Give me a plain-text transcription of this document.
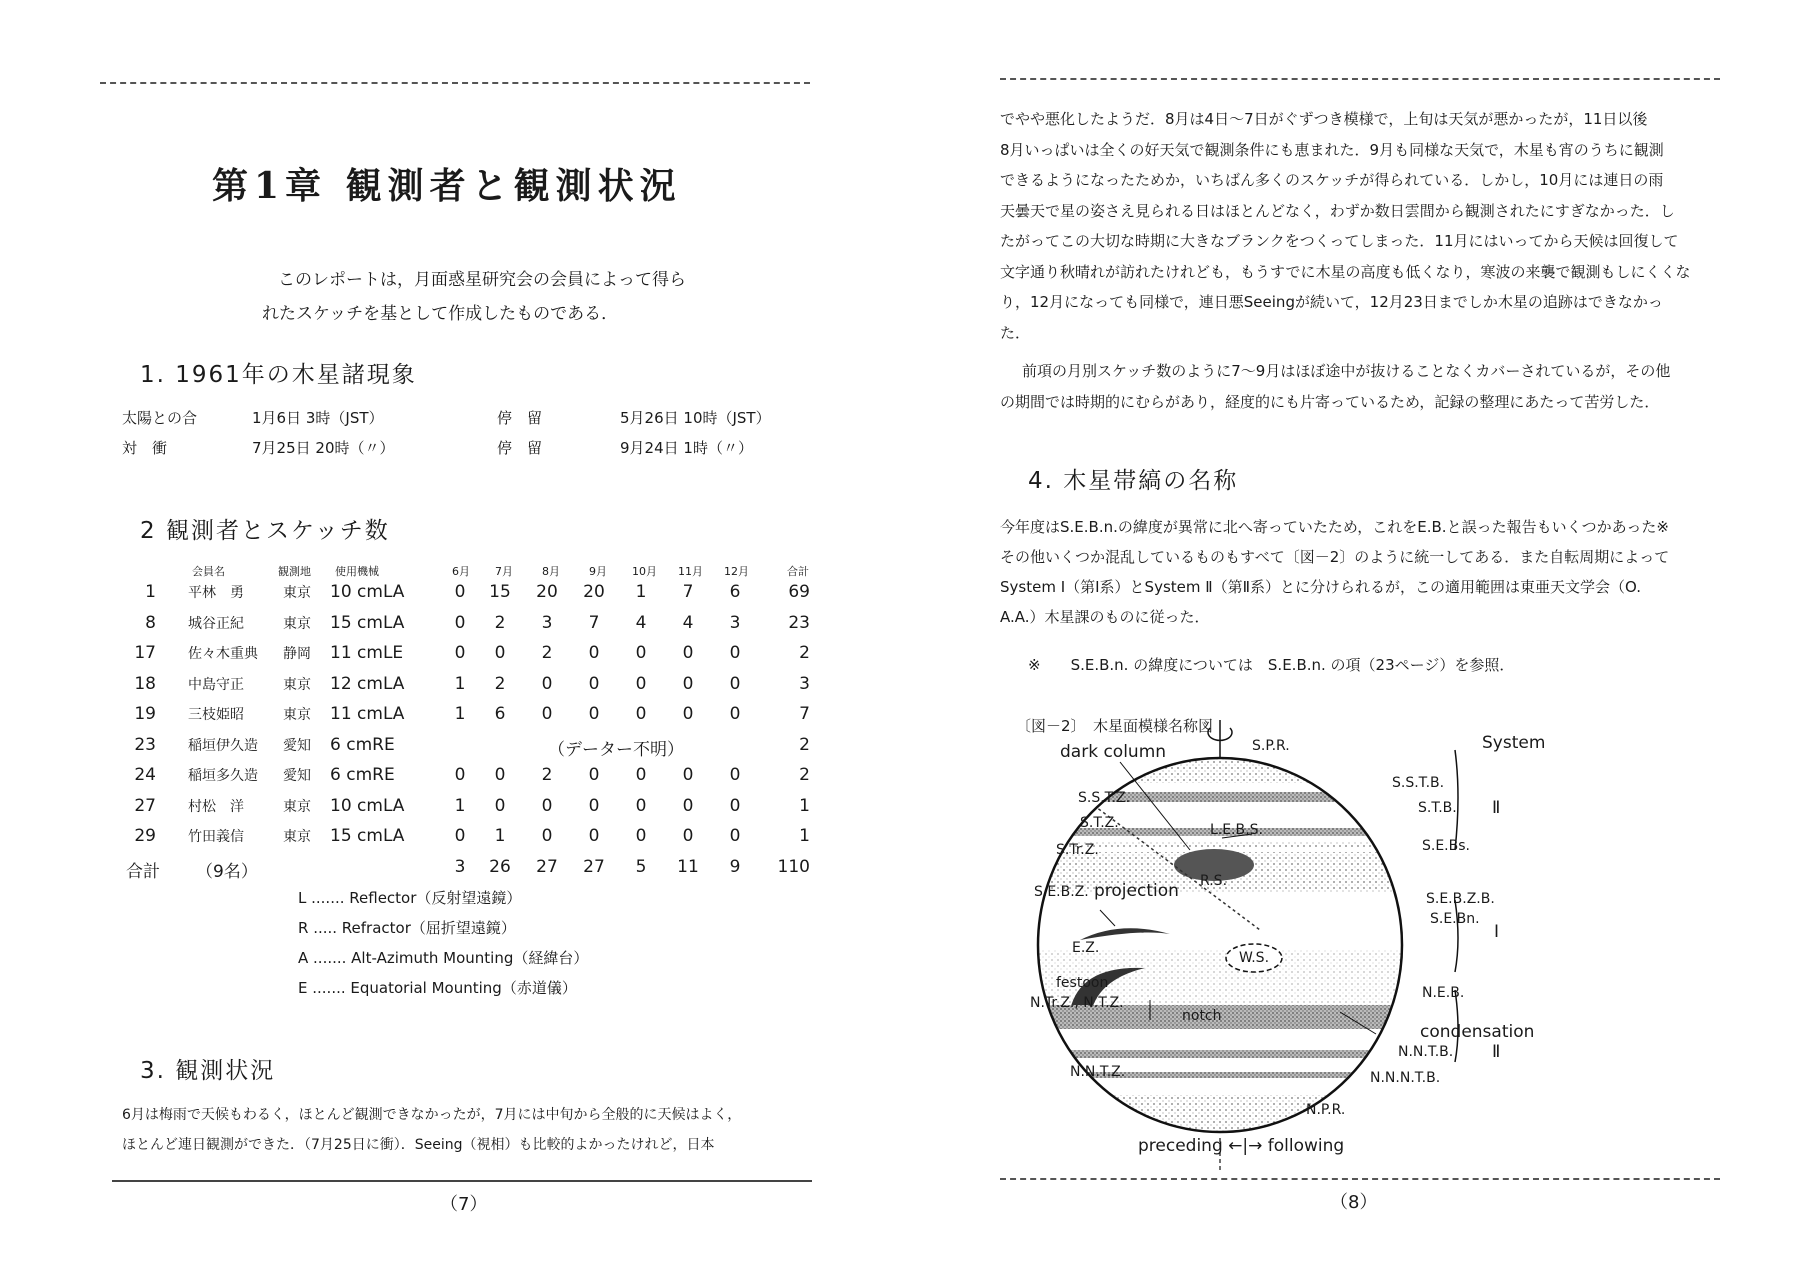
第1章 観測者と観測状況
このレポートは，月面惑星研究会の会員によって得ら
れたスケッチを基として作成したものである．
1. 1961年の木星諸現象
太陽との合	1月6日 3時（JST）	停　留	5月26日 10時（JST）
対　衝	7月25日 20時（〃）	停　留	9月24日 1時（〃）
2 観測者とスケッチ数
会員名	観測地 使用機械	6月 7月	8月	9月 10月 11月 12月	合計
1 平林　勇	東京 10 cmLA	0	15 20 20	1	7	6	69
8 城谷正紀	東京 15 cmLA	0	2	3	7	4	4	3	23
17 佐々木重典 静岡 11 cmLE	0	0	2	0	0	0	0	2
18 中島守正	東京 12 cmLA	1	2	0	0	0	0	0	3
19 三枝姫昭	東京 11 cmLA	1	6	0	0	0	0	0	7
23 稲垣伊久造 愛知 6 cmRE	（データー不明）	2
24 稲垣多久造 愛知 6 cmRE	0	0	2	0	0	0	0	2
27 村松　洋	東京 10 cmLA	1	0	0	0	0	0	0	1
29 竹田義信	東京 15 cmLA	0	1	0	0	0	0	0	1
合計 （9名）	3	26 27 27	5	11	9	110
L ....... Reflector（反射望遠鏡）
R ..... Refractor（屈折望遠鏡）
A ....... Alt-Azimuth Mounting（経緯台）
E ....... Equatorial Mounting（赤道儀）
3. 観測状況
6月は梅雨で天候もわるく，ほとんど観測できなかったが，7月には中旬から全般的に天候はよく，
ほとんど連日観測ができた．（7月25日に衝）．Seeing（視相）も比較的よかったけれど，日本
（7）
でやや悪化したようだ．8月は4日～7日がぐずつき模様で，上旬は天気が悪かったが，11日以後
8月いっぱいは全くの好天気で観測条件にも恵まれた．9月も同様な天気で，木星も宵のうちに観測
できるようになったためか，いちばん多くのスケッチが得られている．しかし，10月には連日の雨
天曇天で星の姿さえ見られる日はほとんどなく，わずか数日雲間から観測されたにすぎなかった．し
たがってこの大切な時期に大きなブランクをつくってしまった．11月にはいってから天候は回復して
文字通り秋晴れが訪れたけれども，もうすでに木星の高度も低くなり，寒波の来襲で観測もしにくくな
り，12月になっても同様で，連日悪Seeingが続いて，12月23日までしか木星の追跡はできなかっ
た．
前項の月別スケッチ数のように7～9月はほぼ途中が抜けることなくカバーされているが，その他
の期間では時期的にむらがあり，経度的にも片寄っているため，記録の整理にあたって苦労した．
4. 木星帯縞の名称
今年度はS.E.B.n.の緯度が異常に北へ寄っていたため，これをE.B.と誤った報告もいくつかあった※
その他いくつか混乱しているものもすべて〔図－2〕のように統一してある．また自転周期によって
System Ⅰ（第Ⅰ系）とSystem Ⅱ（第Ⅱ系）とに分けられるが，この適用範囲は東亜天文学会（O.
A.A.）木星課のものに従った．
※　　S.E.B.n. の緯度については　S.E.B.n. の項（23ページ）を参照．
〔図－2〕　木星面模様名称図
dark column	S.P.R.
S.S.T.Z.
S.S.T.B.
S.T.Z.	L.E.B.S.
S.T.B.
S.Tr.Z.	S.E.Bs.
R.S.
S.E.B.Z. projection	S.E.B.Z.B.
S.E.Bn.
E.Z.
W.S.
festoon
N.Tr.Z., N.T.Z.
N.E.B.
notch
condensation
N.N.T.B.
N.N.T.Z.	N.N.N.T.B.
N.P.R.
preceding ←|→ following
System
Ⅱ
Ⅰ
Ⅱ
（8）
